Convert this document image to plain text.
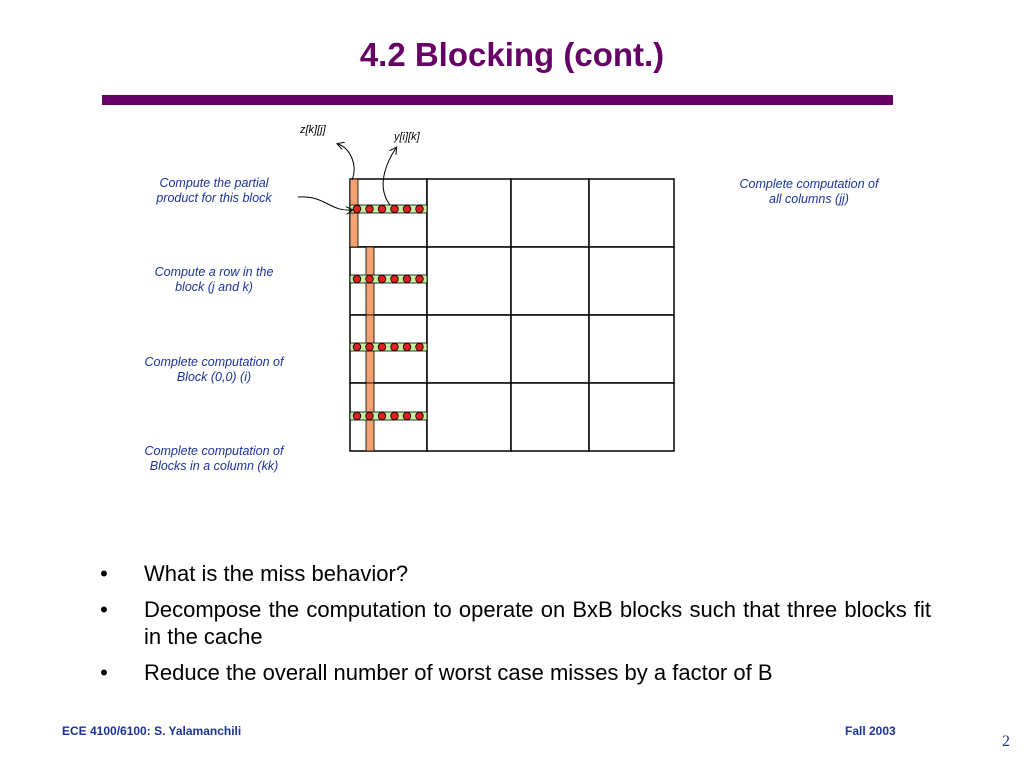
4.2 Blocking (cont.)
z[k][j]
y[i][k]
Compute the partial product for this block
Compute a row in the block (j and k)
Complete computation of Block (0,0) (i)
Complete computation of Blocks in a column (kk)
Complete computation of all columns (jj)
• What is the miss behavior?
• Decompose the computation to operate on BxB blocks such that three blocks fit in the cache
• Reduce the overall number of worst case misses by a factor of B
ECE 4100/6100: S. Yalamanchili	Fall 2003
2
